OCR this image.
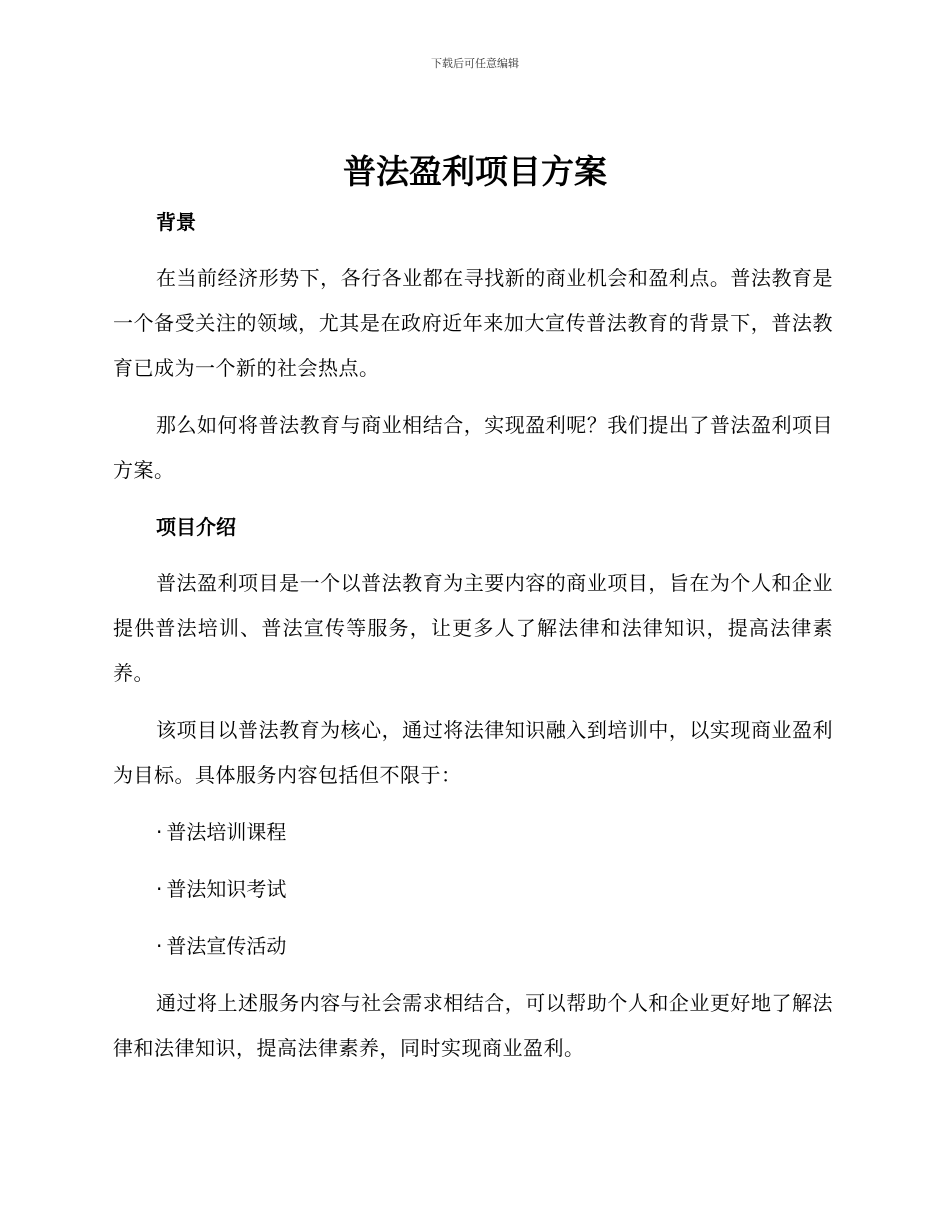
下载后可任意编辑
普法盈利项目方案
背景

在当前经济形势下，各行各业都在寻找新的商业机会和盈利点。普法教育是一个备受关注的领域，尤其是在政府近年来加大宣传普法教育的背景下，普法教育已成为一个新的社会热点。

那么如何将普法教育与商业相结合，实现盈利呢？我们提出了普法盈利项目方案。

项目介绍

普法盈利项目是一个以普法教育为主要内容的商业项目，旨在为个人和企业提供普法培训、普法宣传等服务，让更多人了解法律和法律知识，提高法律素养。

该项目以普法教育为核心，通过将法律知识融入到培训中，以实现商业盈利为目标。具体服务内容包括但不限于：

· 普法培训课程

· 普法知识考试

· 普法宣传活动

通过将上述服务内容与社会需求相结合，可以帮助个人和企业更好地了解法律和法律知识，提高法律素养，同时实现商业盈利。
